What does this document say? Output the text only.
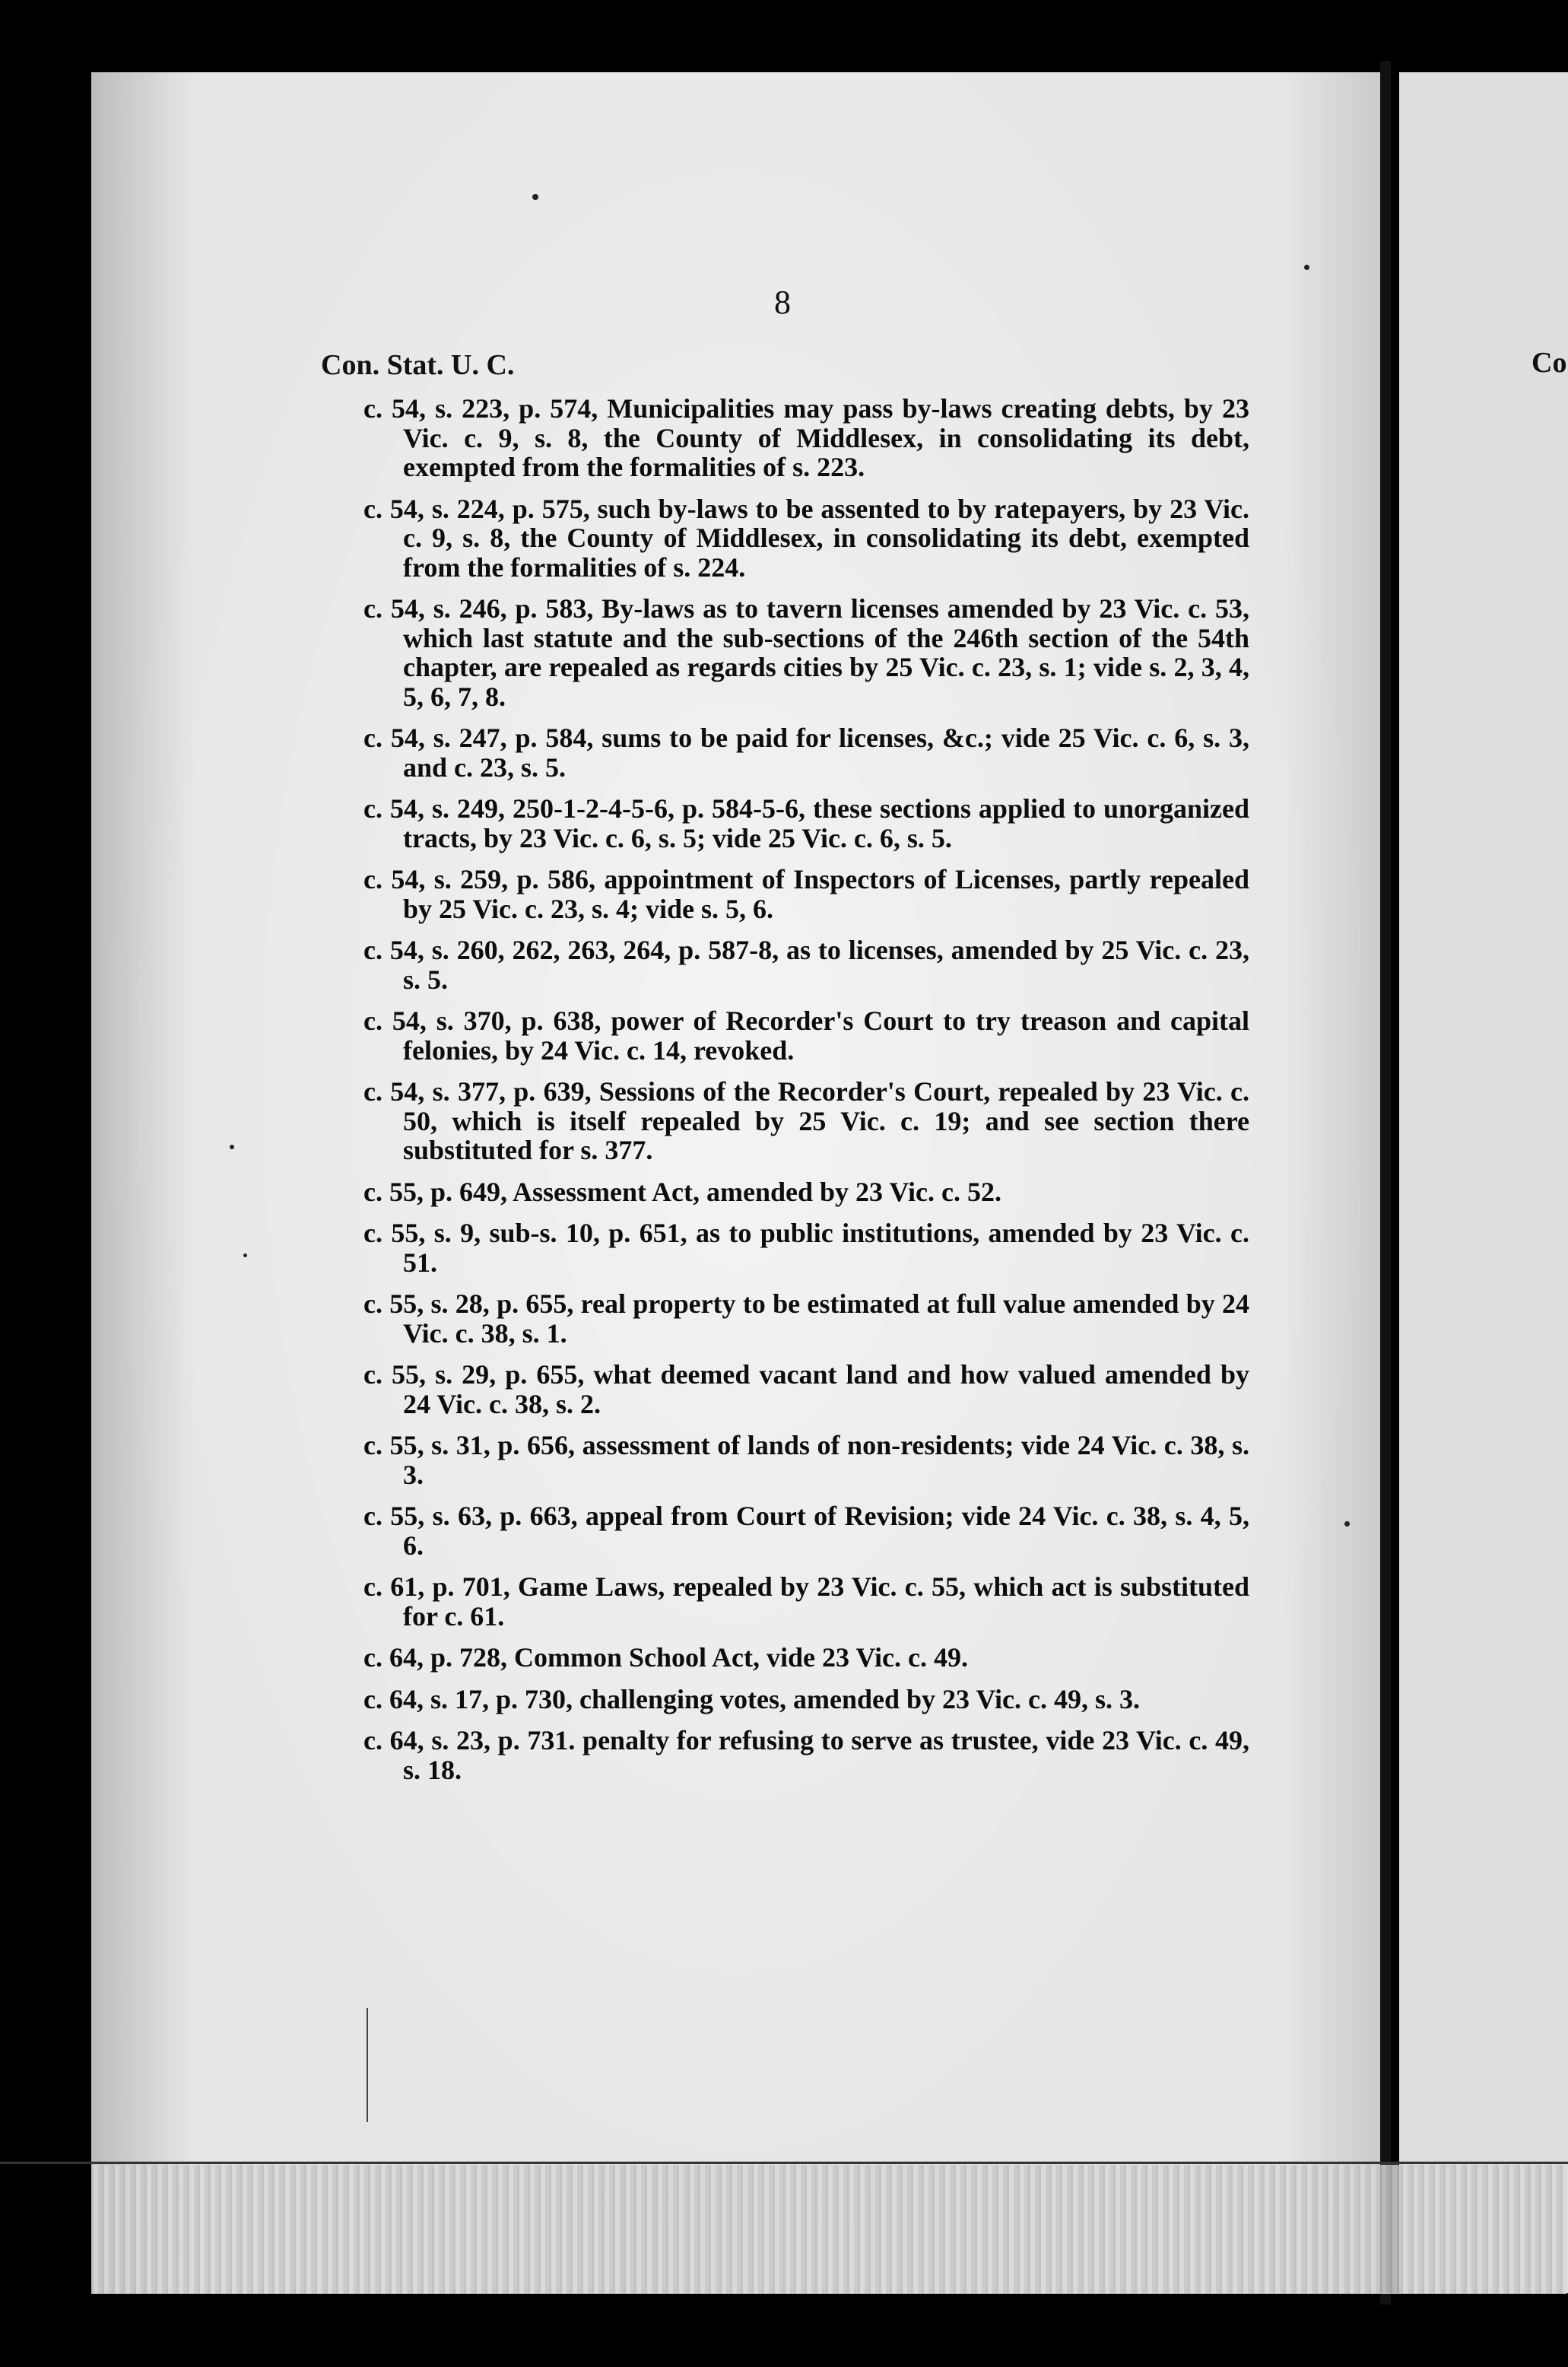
8
Con. Stat. U. C.	Co
c. 54, s. 223, p. 574, Municipalities may pass by-laws creating debts, by 23 Vic. c. 9, s. 8, the County of Middlesex, in consolidating its debt, exempted from the formalities of s. 223.
c. 54, s. 224, p. 575, such by-laws to be assented to by ratepayers, by 23 Vic. c. 9, s. 8, the County of Middlesex, in consolidating its debt, exempted from the formalities of s. 224.
c. 54, s. 246, p. 583, By-laws as to tavern licenses amended by 23 Vic. c. 53, which last statute and the sub-sections of the 246th section of the 54th chapter, are repealed as regards cities by 25 Vic. c. 23, s. 1; vide s. 2, 3, 4, 5, 6, 7, 8.
c. 54, s. 247, p. 584, sums to be paid for licenses, &c.; vide 25 Vic. c. 6, s. 3, and c. 23, s. 5.
c. 54, s. 249, 250-1-2-4-5-6, p. 584-5-6, these sections applied to unorganized tracts, by 23 Vic. c. 6, s. 5; vide 25 Vic. c. 6, s. 5.
c. 54, s. 259, p. 586, appointment of Inspectors of Licenses, partly repealed by 25 Vic. c. 23, s. 4; vide s. 5, 6.
c. 54, s. 260, 262, 263, 264, p. 587-8, as to licenses, amended by 25 Vic. c. 23, s. 5.
c. 54, s. 370, p. 638, power of Recorder's Court to try treason and capital felonies, by 24 Vic. c. 14, revoked.
c. 54, s. 377, p. 639, Sessions of the Recorder's Court, repealed by 23 Vic. c. 50, which is itself repealed by 25 Vic. c. 19; and see section there substituted for s. 377.
c. 55, p. 649, Assessment Act, amended by 23 Vic. c. 52.
c. 55, s. 9, sub-s. 10, p. 651, as to public institutions, amended by 23 Vic. c. 51.
c. 55, s. 28, p. 655, real property to be estimated at full value amended by 24 Vic. c. 38, s. 1.
c. 55, s. 29, p. 655, what deemed vacant land and how valued amended by 24 Vic. c. 38, s. 2.
c. 55, s. 31, p. 656, assessment of lands of non-residents; vide 24 Vic. c. 38, s. 3.
c. 55, s. 63, p. 663, appeal from Court of Revision; vide 24 Vic. c. 38, s. 4, 5, 6.
c. 61, p. 701, Game Laws, repealed by 23 Vic. c. 55, which act is substituted for c. 61.
c. 64, p. 728, Common School Act, vide 23 Vic. c. 49.
c. 64, s. 17, p. 730, challenging votes, amended by 23 Vic. c. 49, s. 3.
c. 64, s. 23, p. 731. penalty for refusing to serve as trustee, vide 23 Vic. c. 49, s. 18.
